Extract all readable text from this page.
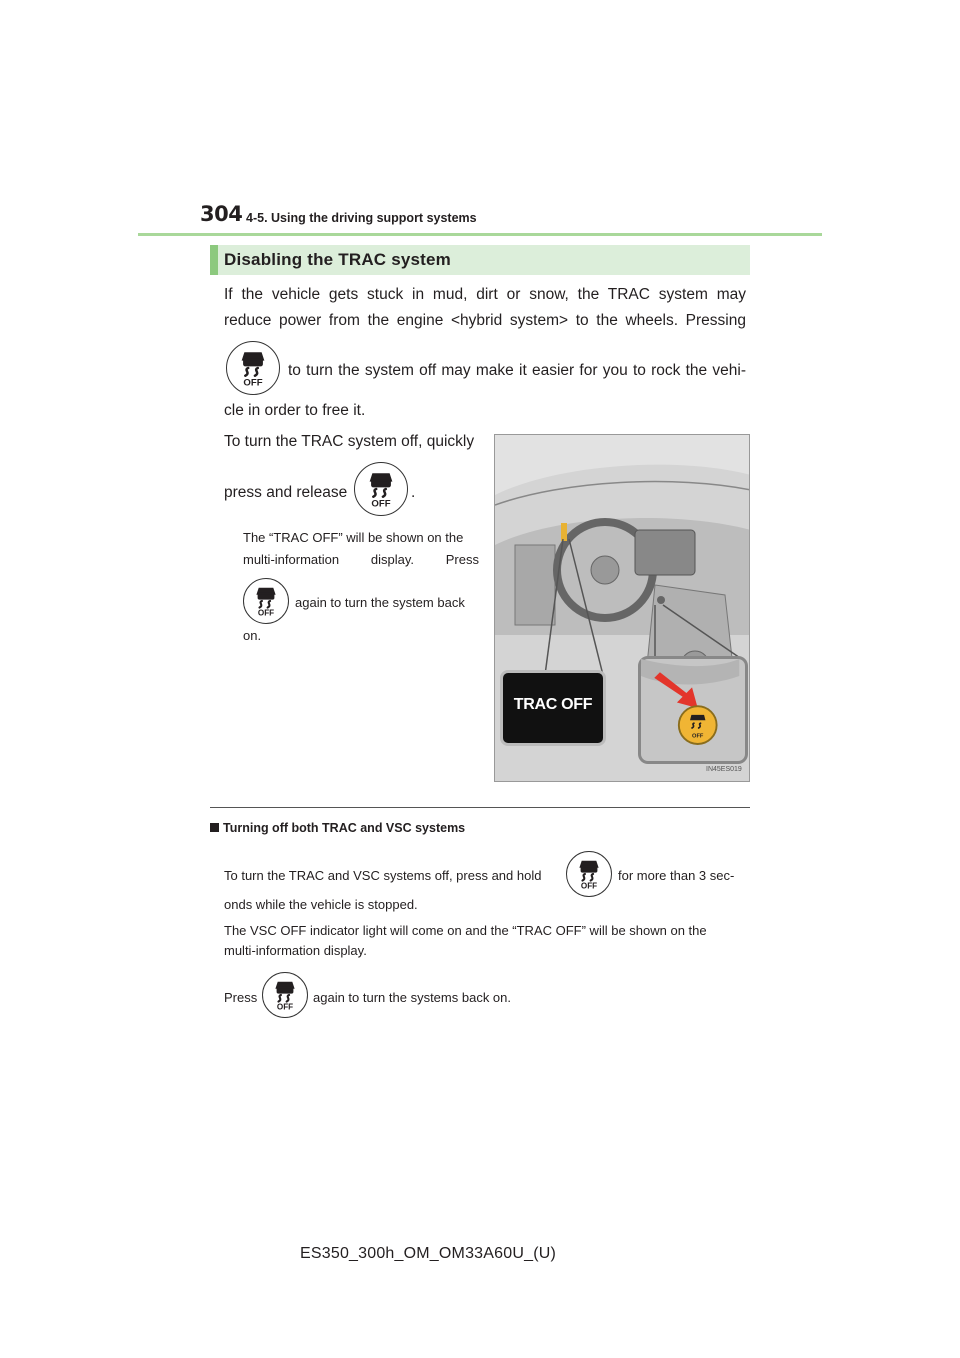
304 4-5. Using the driving support systems
Disabling the TRAC system
If the vehicle gets stuck in mud, dirt or snow, the TRAC system may
reduce power from the engine <hybrid system> to the wheels. Pressing
OFF
to turn the system off may make it easier for you to rock the vehi-
cle in order to free it.
To turn the TRAC system off, quickly
press and release
OFF
.
The “TRAC OFF” will be shown on the
multi-information display. Press
OFF
again to turn the system back
on.
TRAC OFF
OFF
IN45ES019
Turning off both TRAC and VSC systems
To turn the TRAC and VSC systems off, press and hold
OFF
for more than 3 sec-
onds while the vehicle is stopped.
The VSC OFF indicator light will come on and the “TRAC OFF” will be shown on the
multi-information display.
Press
OFF
again to turn the systems back on.
ES350_300h_OM_OM33A60U_(U)
